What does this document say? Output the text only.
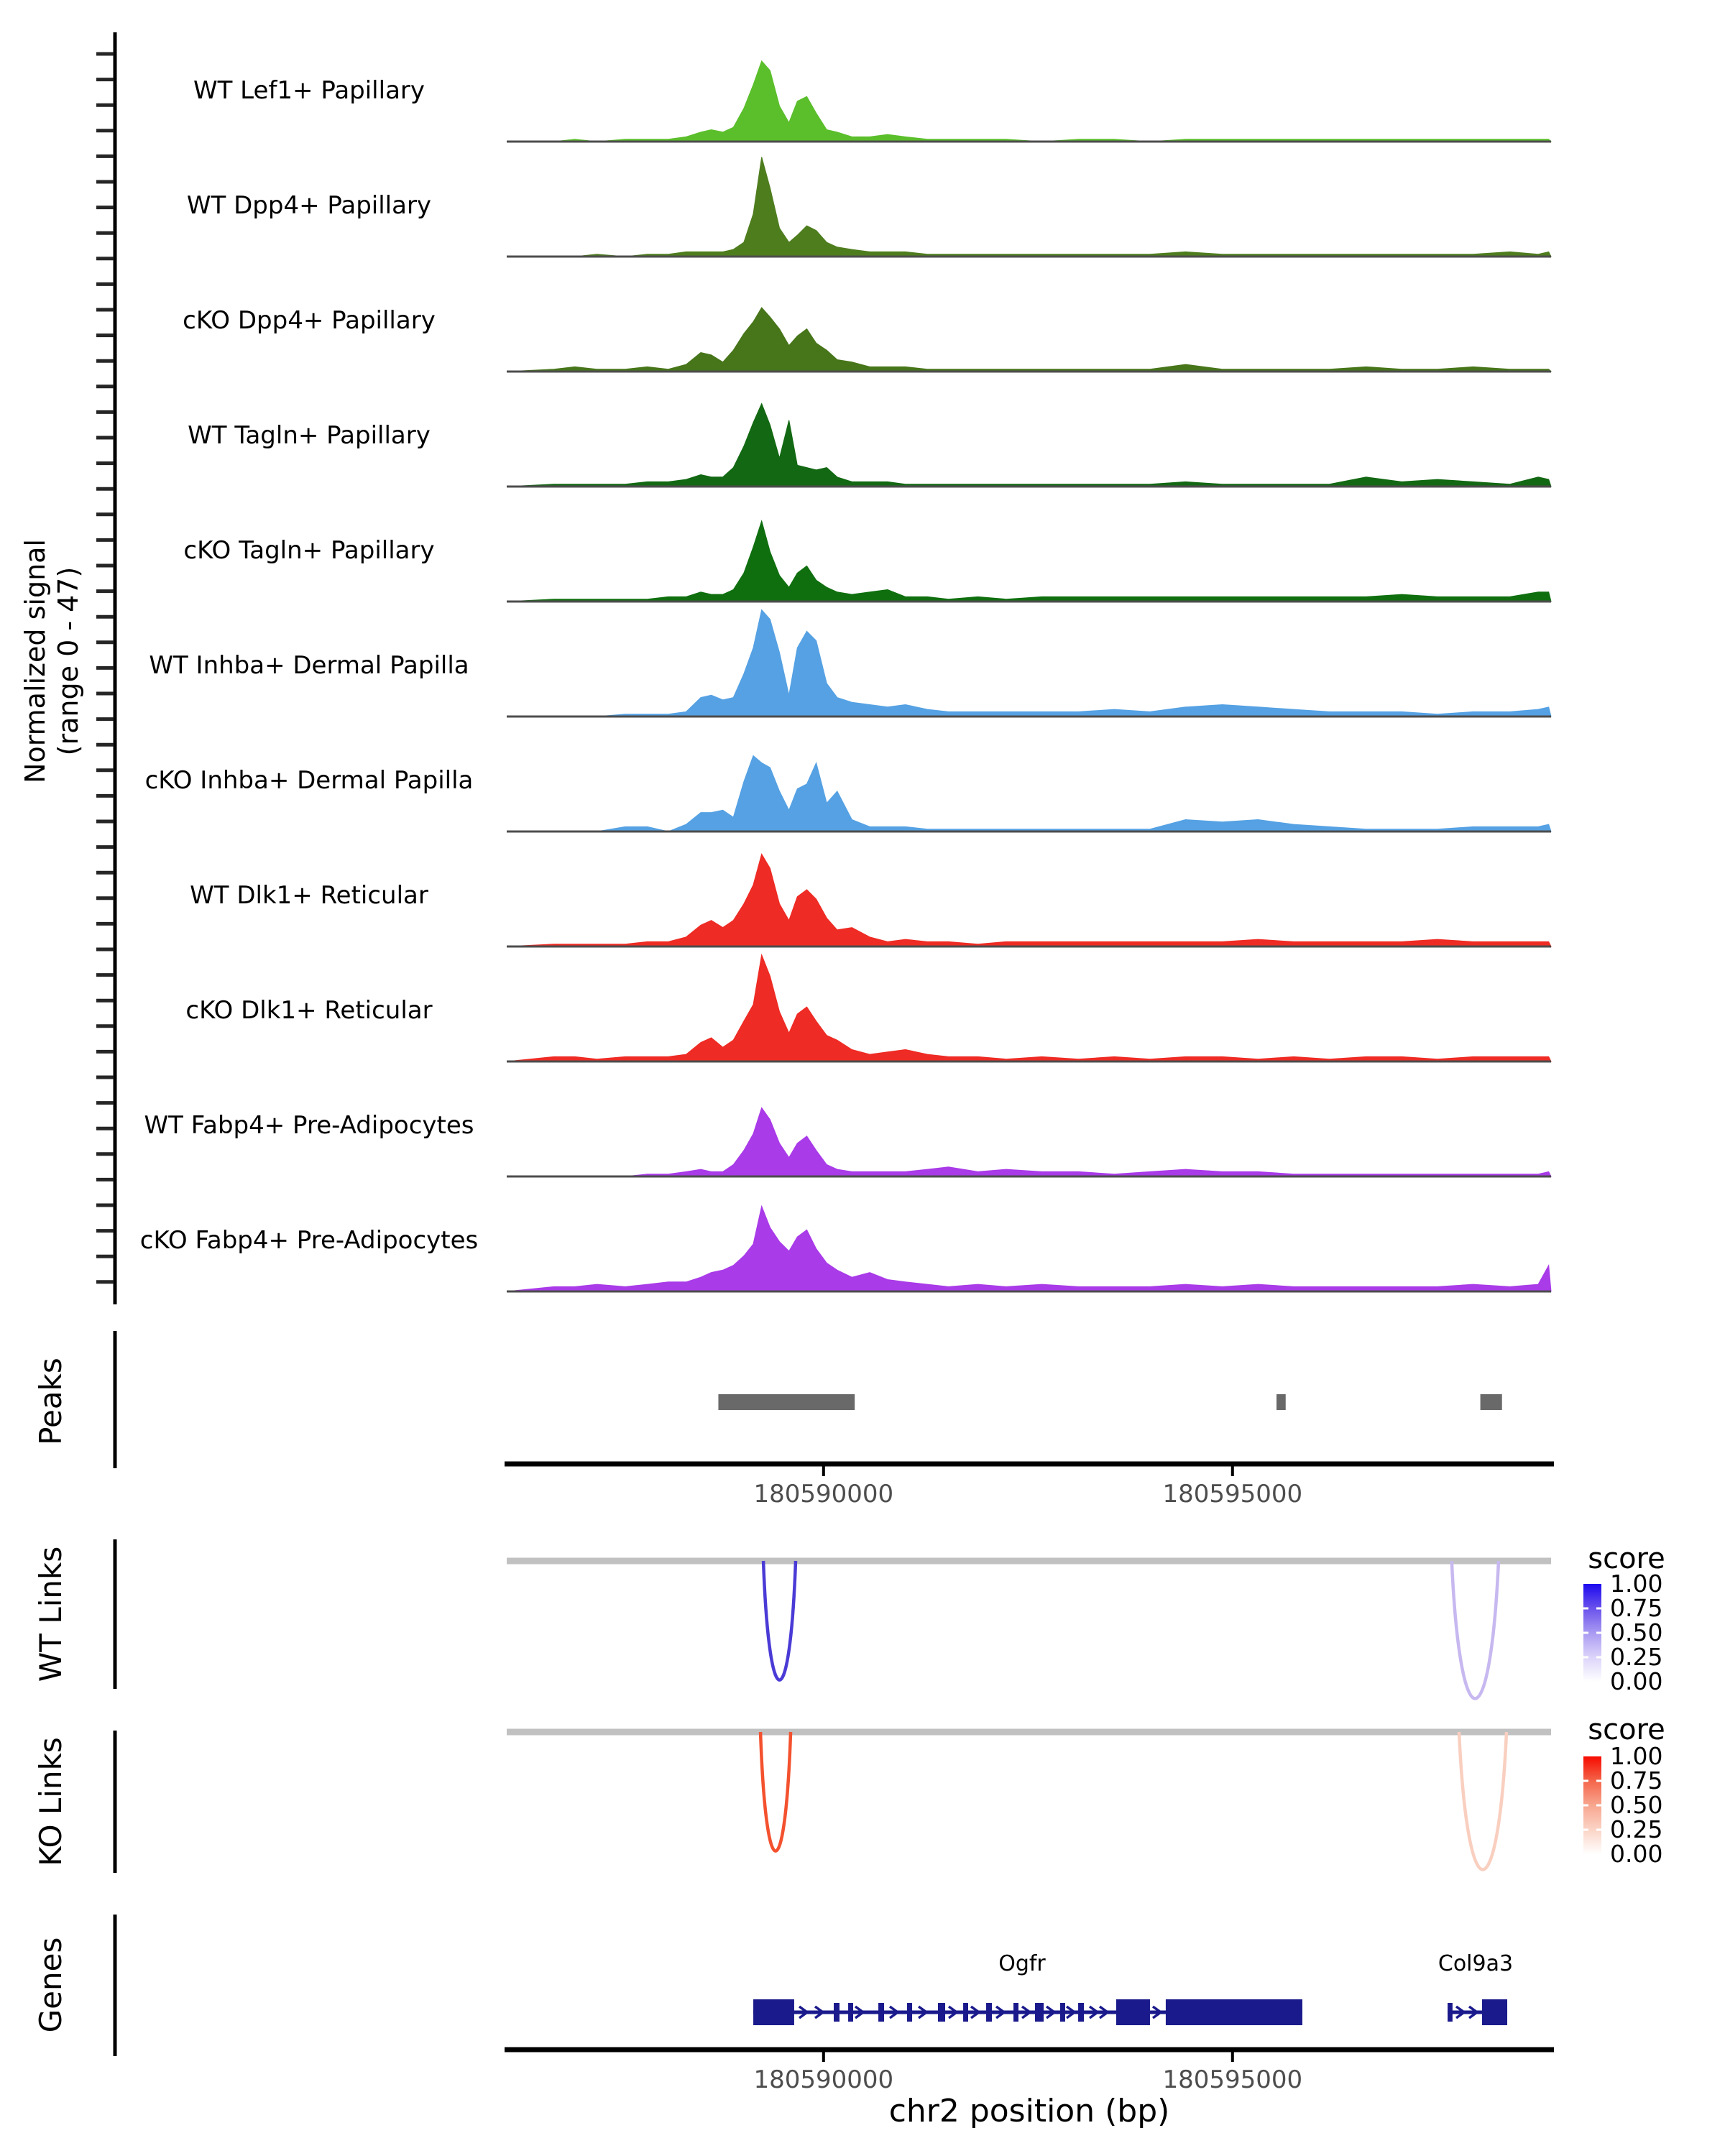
Normalized signal (range 0 - 47)
WT Lef1+ Papillary
WT Dpp4+ Papillary
cKO Dpp4+ Papillary
WT Tagln+ Papillary
cKO Tagln+ Papillary
WT Inhba+ Dermal Papilla
cKO Inhba+ Dermal Papilla
WT Dlk1+ Reticular
cKO Dlk1+ Reticular
WT Fabp4+ Pre-Adipocytes
cKO Fabp4+ Pre-Adipocytes
Peaks
180590000	180595000
WT Links
KO Links
score
1.00
0.75
0.50
0.25
0.00
score
1.00
0.75
0.50
0.25
0.00
Genes	Ogfr	Col9a3
180590000	180595000
chr2 position (bp)
